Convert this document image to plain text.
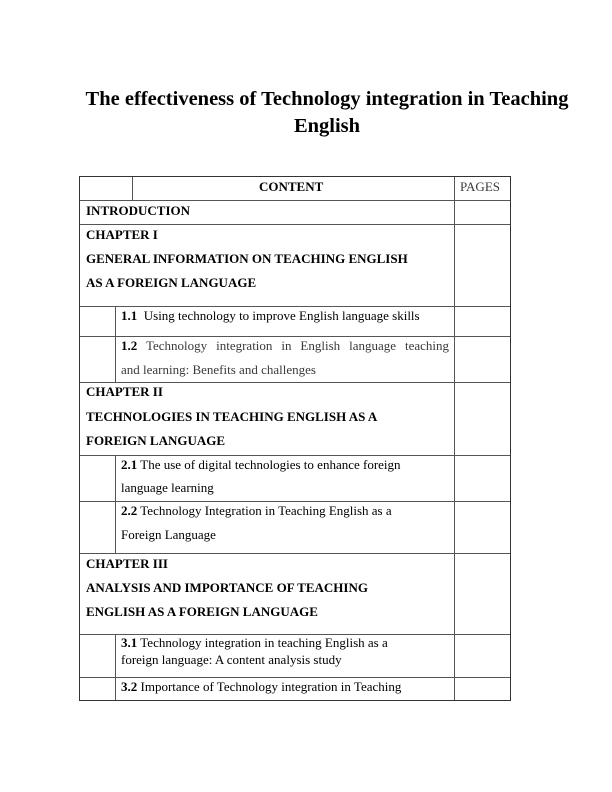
The effectiveness of Technology integration in Teaching
English
CONTENT	PAGES
INTRODUCTION
CHAPTER I
GENERAL INFORMATION ON TEACHING ENGLISH
AS A FOREIGN LANGUAGE
1.1 Using technology to improve English language skills
1.2 Technology integration in English language teaching
and learning: Benefits and challenges
CHAPTER II
TECHNOLOGIES IN TEACHING ENGLISH AS A
FOREIGN LANGUAGE
2.1 The use of digital technologies to enhance foreign
language learning
2.2 Technology Integration in Teaching English as a
Foreign Language
CHAPTER III
ANALYSIS AND IMPORTANCE OF TEACHING
ENGLISH AS A FOREIGN LANGUAGE
3.1 Technology integration in teaching English as a
foreign language: A content analysis study
3.2 Importance of Technology integration in Teaching
